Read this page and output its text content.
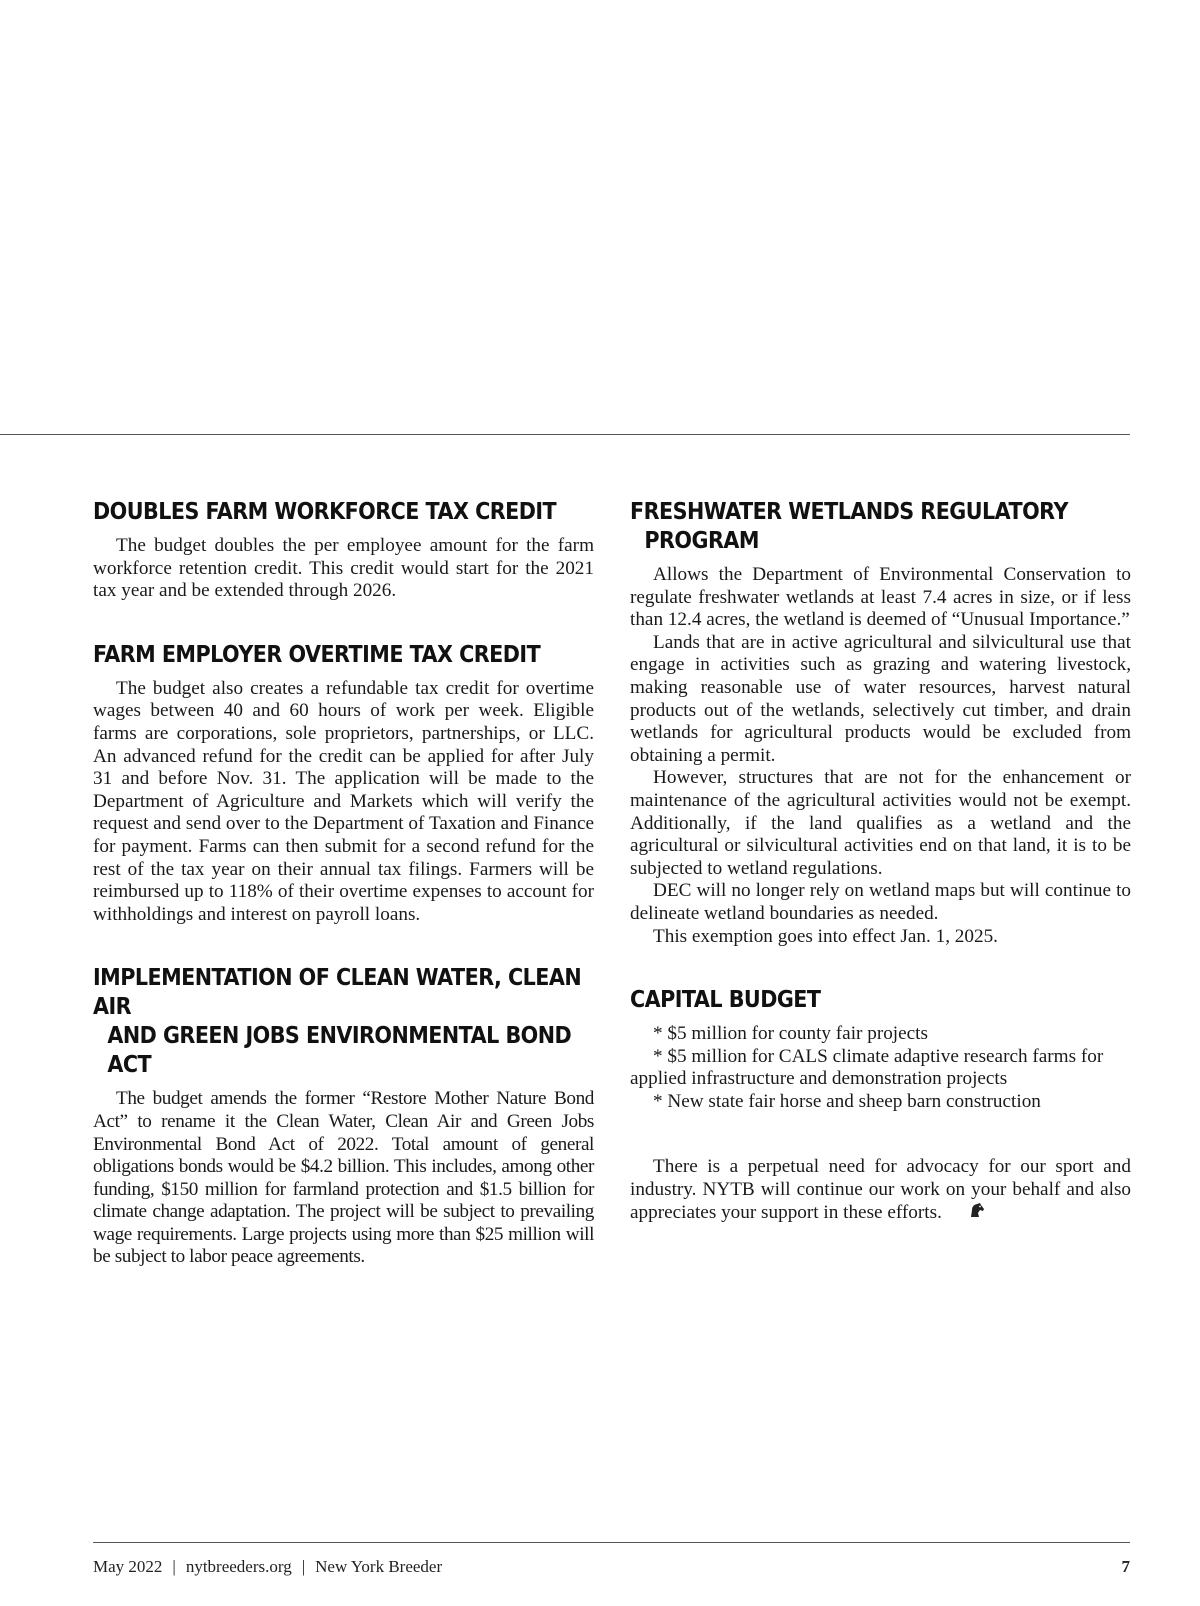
DOUBLES FARM WORKFORCE TAX CREDIT

The budget doubles the per employee amount for the farm workforce retention credit. This credit would start for the 2021 tax year and be extended through 2026.

FARM EMPLOYER OVERTIME TAX CREDIT

The budget also creates a refundable tax credit for overtime wages between 40 and 60 hours of work per week. Eligible farms are corporations, sole proprietors, partnerships, or LLC. An advanced refund for the credit can be applied for after July 31 and before Nov. 31. The application will be made to the Department of Agriculture and Markets which will verify the request and send over to the Department of Taxation and Finance for payment. Farms can then submit for a second refund for the rest of the tax year on their annual tax filings. Farmers will be reimbursed up to 118% of their overtime expenses to account for withholdings and interest on payroll loans.

IMPLEMENTATION OF CLEAN WATER, CLEAN AIR
AND GREEN JOBS ENVIRONMENTAL BOND ACT

The budget amends the former “Restore Mother Nature Bond Act” to rename it the Clean Water, Clean Air and Green Jobs Environmental Bond Act of 2022. Total amount of general obligations bonds would be $4.2 billion. This includes, among other funding, $150 million for farmland protection and $1.5 billion for climate change adaptation. The project will be subject to prevailing wage requirements. Large projects using more than $25 million will be subject to labor peace agreements.

FRESHWATER WETLANDS REGULATORY
PROGRAM

Allows the Department of Environmental Conservation to regulate freshwater wetlands at least 7.4 acres in size, or if less than 12.4 acres, the wetland is deemed of “Unusual Importance.”

Lands that are in active agricultural and silvicultural use that engage in activities such as grazing and watering livestock, making reasonable use of water resources, harvest natural products out of the wetlands, selectively cut timber, and drain wetlands for agricultural products would be excluded from obtaining a permit.

However, structures that are not for the enhancement or maintenance of the agricultural activities would not be exempt. Additionally, if the land qualifies as a wetland and the agricultural or silvicultural activities end on that land, it is to be subjected to wetland regulations.

DEC will no longer rely on wetland maps but will continue to delineate wetland boundaries as needed.

This exemption goes into effect Jan. 1, 2025.

CAPITAL BUDGET

* $5 million for county fair projects

* $5 million for CALS climate adaptive research farms for applied infrastructure and demonstration projects

* New state fair horse and sheep barn construction

There is a perpetual need for advocacy for our sport and industry. NYTB will continue our work on your behalf and also appreciates your support in these efforts.

May 2022 | nytbreeders.org | New York Breeder	7
